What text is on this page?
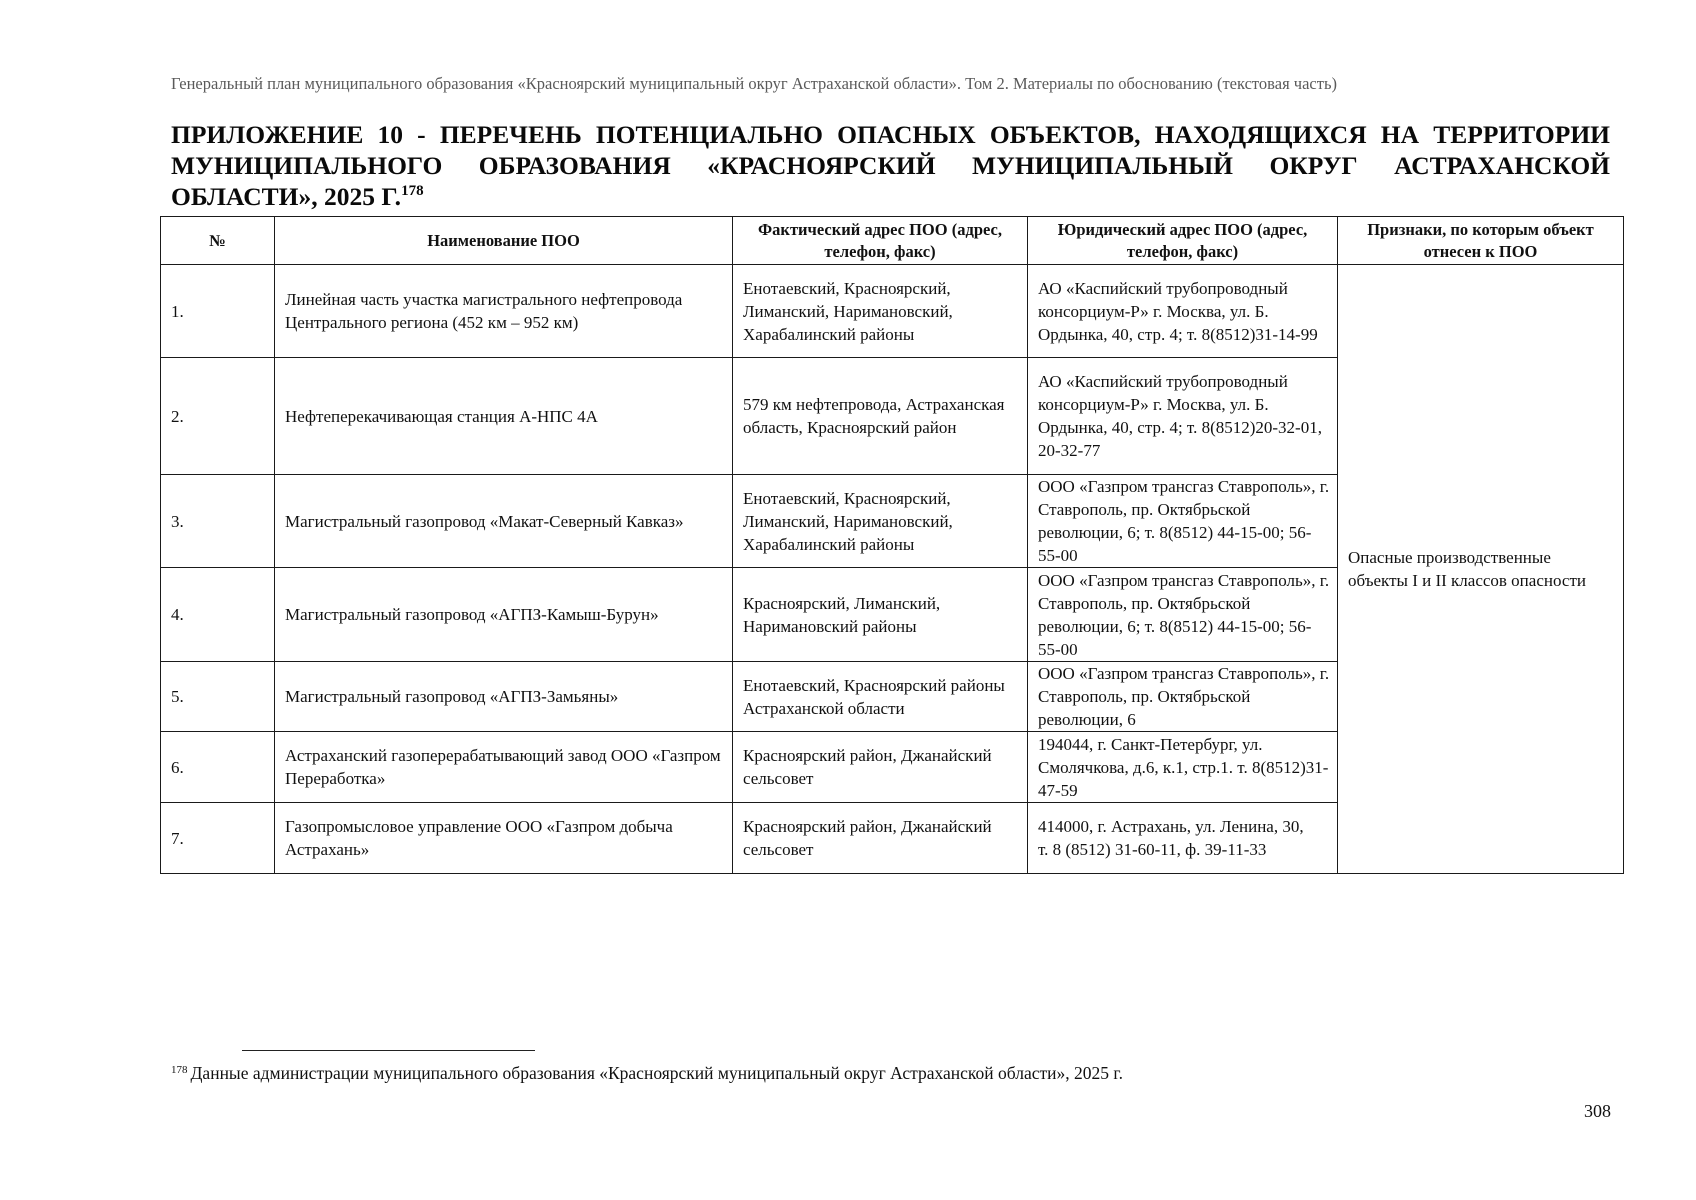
Генеральный план муниципального образования «Красноярский муниципальный округ Астраханской области». Том 2. Материалы по обоснованию (текстовая часть)
ПРИЛОЖЕНИЕ 10 - ПЕРЕЧЕНЬ ПОТЕНЦИАЛЬНО ОПАСНЫХ ОБЪЕКТОВ, НАХОДЯЩИХСЯ НА ТЕРРИТОРИИ МУНИЦИПАЛЬНОГО ОБРАЗОВАНИЯ «КРАСНОЯРСКИЙ МУНИЦИПАЛЬНЫЙ ОКРУГ АСТРАХАНСКОЙ ОБЛАСТИ», 2025 Г.$^{178}$
№	Наименование ПОО	Фактический адрес ПОО (адрес, телефон, факс)	Юридический адрес ПОО (адрес, телефон, факс)	Признаки, по которым объект отнесен к ПОО
1.	Линейная часть участка магистрального нефтепровода Центрального региона (452 км – 952 км)	Енотаевский, Красноярский, Лиманский, Наримановский, Харабалинский районы	АО «Каспийский трубопроводный консорциум-Р» г. Москва, ул. Б. Ордынка, 40, стр. 4; т. 8(8512)31-14-99	Опасные производственные объекты I и II классов опасности
2.	Нефтеперекачивающая станция А-НПС 4А	579 км нефтепровода, Астраханская область, Красноярский район	АО «Каспийский трубопроводный консорциум-Р» г. Москва, ул. Б. Ордынка, 40, стр. 4; т. 8(8512)20-32-01, 20-32-77	
3.	Магистральный газопровод «Макат-Северный Кавказ»	Енотаевский, Красноярский, Лиманский, Наримановский, Харабалинский районы	ООО «Газпром трансгаз Ставрополь», г. Ставрополь, пр. Октябрьской революции, 6; т. 8(8512) 44-15-00; 56-55-00	
4.	Магистральный газопровод «АГПЗ-Камыш-Бурун»	Красноярский, Лиманский, Наримановский районы	ООО «Газпром трансгаз Ставрополь», г. Ставрополь, пр. Октябрьской революции, 6; т. 8(8512) 44-15-00; 56-55-00	
5.	Магистральный газопровод «АГПЗ-Замьяны»	Енотаевский, Красноярский районы Астраханской области	ООО «Газпром трансгаз Ставрополь», г. Ставрополь, пр. Октябрьской революции, 6	
6.	Астраханский газоперерабатывающий завод ООО «Газпром Переработка»	Красноярский район, Джанайский сельсовет	194044, г. Санкт-Петербург, ул. Смолячкова, д.6, к.1, стр.1. т. 8(8512)31-47-59	
7.	Газопромысловое управление ООО «Газпром добыча Астрахань»	Красноярский район, Джанайский сельсовет	414000, г. Астрахань, ул. Ленина, 30,
т. 8 (8512) 31-60-11, ф. 39-11-33	
$^{178}$ Данные администрации муниципального образования «Красноярский муниципальный округ Астраханской области», 2025 г.
308
